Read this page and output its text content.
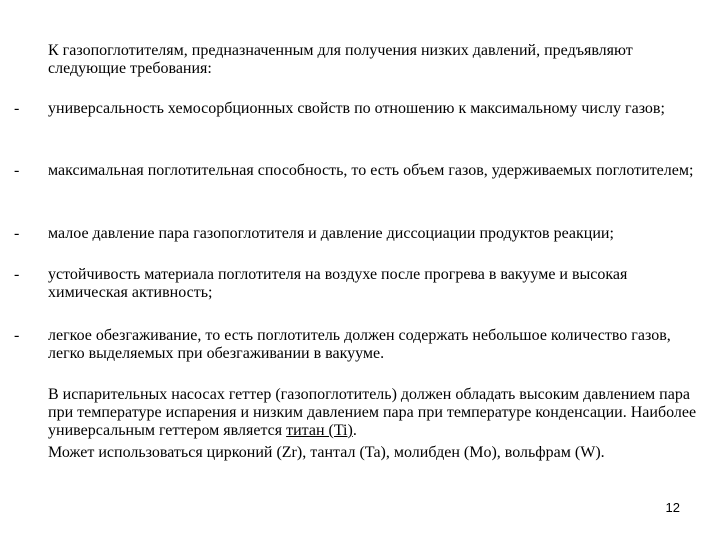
К газопоглотителям, предназначенным для получения низких давлений, предъявляют следующие требования:

-	универсальность хемосорбционных свойств по отношению к максимальному числу газов;
-	максимальная поглотительная способность, то есть объем газов, удерживаемых поглотителем;
-	малое давление пара газопоглотителя и давление диссоциации продуктов реакции;
-	устойчивость материала поглотителя на воздухе после прогрева в вакууме и высокая химическая активность;
-	легкое обезгаживание, то есть поглотитель должен содержать небольшое количество газов, легко выделяемых при обезгаживании в вакууме.

В испарительных насосах геттер (газопоглотитель) должен обладать высоким давлением пара при температуре испарения и низким давлением пара при температуре конденсации. Наиболее универсальным геттером является титан (Ti).

Может использоваться цирконий (Zr), тантал (Ta), молибден (Mo), вольфрам (W).

12
